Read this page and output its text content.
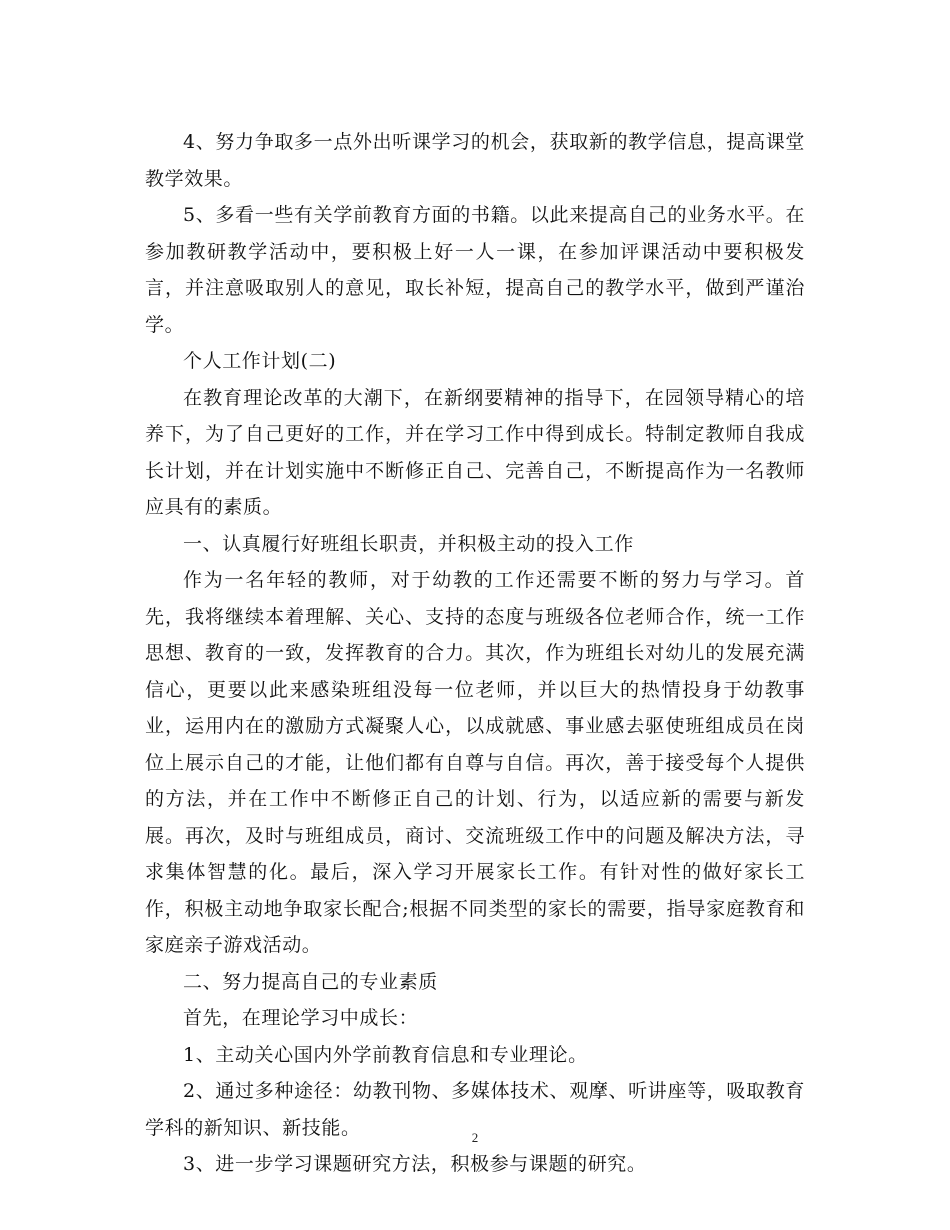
4、努力争取多一点外出听课学习的机会，获取新的教学信息，提高课堂教学效果。

5、多看一些有关学前教育方面的书籍。以此来提高自己的业务水平。在参加教研教学活动中，要积极上好一人一课，在参加评课活动中要积极发言，并注意吸取别人的意见，取长补短，提高自己的教学水平，做到严谨治学。

个人工作计划(二)

在教育理论改革的大潮下，在新纲要精神的指导下，在园领导精心的培养下，为了自己更好的工作，并在学习工作中得到成长。特制定教师自我成长计划，并在计划实施中不断修正自己、完善自己，不断提高作为一名教师应具有的素质。

一、认真履行好班组长职责，并积极主动的投入工作

作为一名年轻的教师，对于幼教的工作还需要不断的努力与学习。首先，我将继续本着理解、关心、支持的态度与班级各位老师合作，统一工作思想、教育的一致，发挥教育的合力。其次，作为班组长对幼儿的发展充满信心，更要以此来感染班组没每一位老师，并以巨大的热情投身于幼教事业，运用内在的激励方式凝聚人心，以成就感、事业感去驱使班组成员在岗位上展示自己的才能，让他们都有自尊与自信。再次，善于接受每个人提供的方法，并在工作中不断修正自己的计划、行为，以适应新的需要与新发展。再次，及时与班组成员，商讨、交流班级工作中的问题及解决方法，寻求集体智慧的化。最后，深入学习开展家长工作。有针对性的做好家长工作，积极主动地争取家长配合;根据不同类型的家长的需要，指导家庭教育和家庭亲子游戏活动。

二、努力提高自己的专业素质

首先，在理论学习中成长：

1、主动关心国内外学前教育信息和专业理论。

2、通过多种途径：幼教刊物、多媒体技术、观摩、听讲座等，吸取教育学科的新知识、新技能。

3、进一步学习课题研究方法，积极参与课题的研究。

2
